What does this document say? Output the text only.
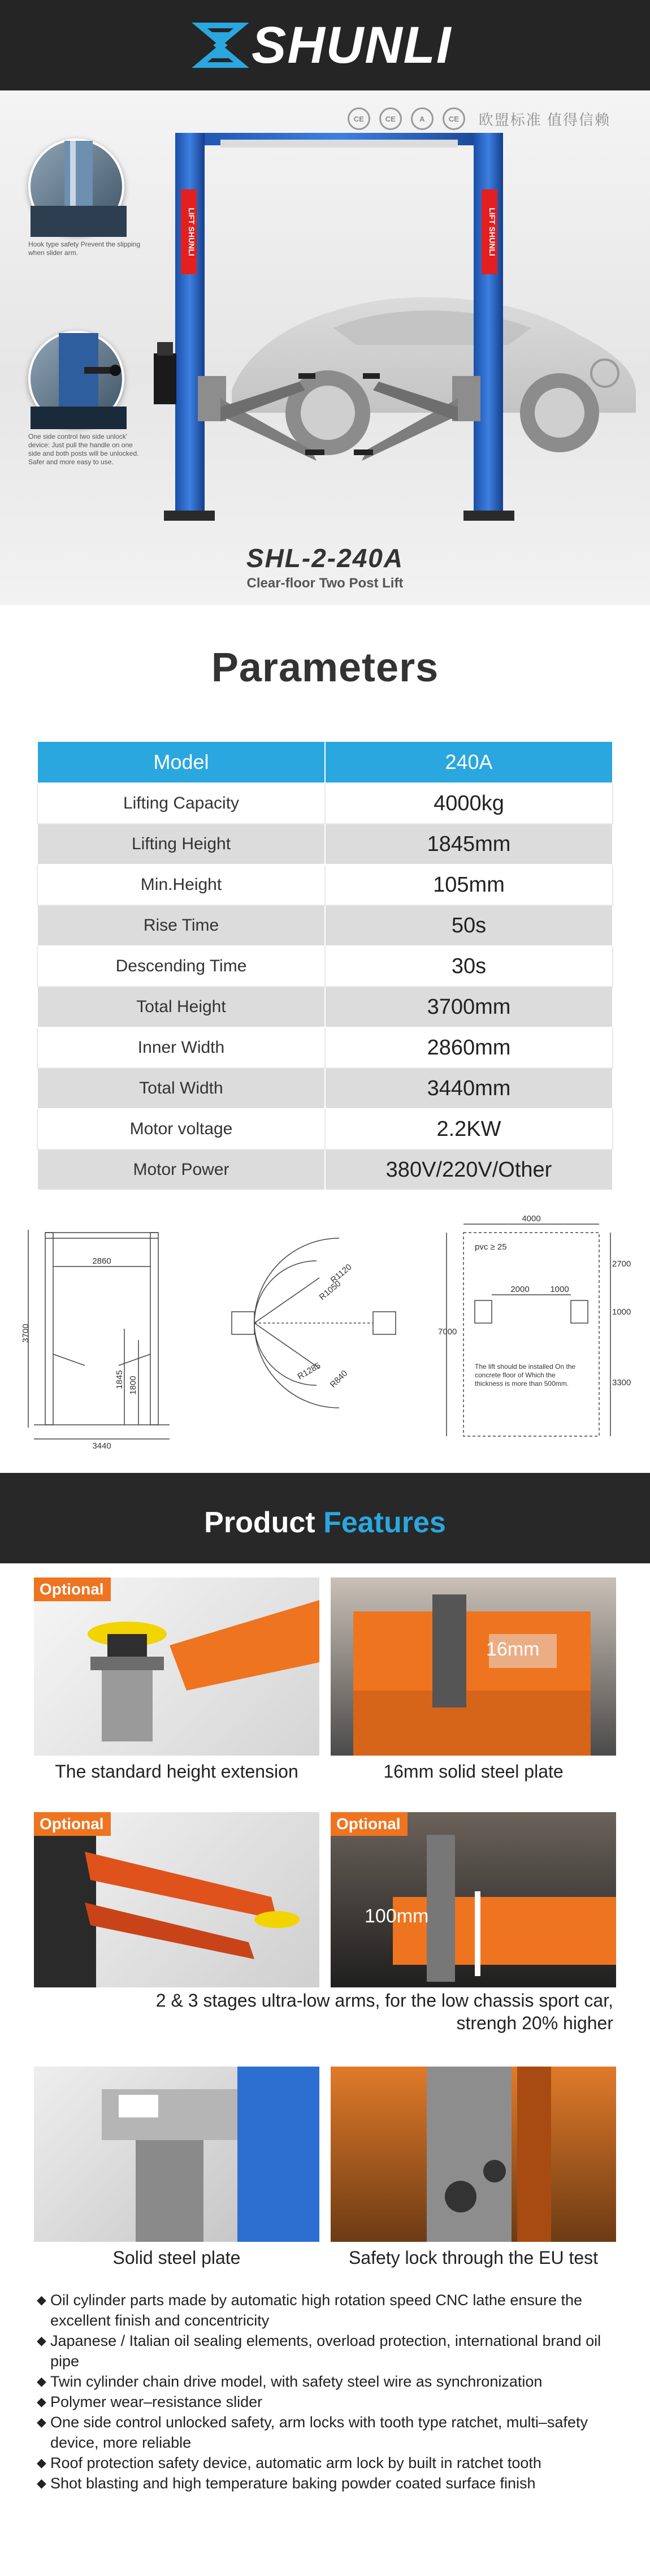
SHUNLI
CE	CE	A	CE	欧盟标准 值得信赖
LIFT SHUNLI	LIFT SHUNLI
Hook type safety Prevent the slipping when slider arm.
One side control two side unlock' device: Just pull the handle on one side and both posts will be unlocked. Safer and more easy to use.
SHL-2-240A
Clear-floor Two Post Lift
Parameters
Model	240A
Lifting Capacity	4000kg
Lifting Height	1845mm
Min.Height	105mm
Rise Time	50s
Descending Time	30s
Total Height	3700mm
Inner Width	2860mm
Total Width	3440mm
Motor voltage	2.2KW
Motor Power	380V/220V/Other
2860
3440
3700
1845 1800
R1120
R1050
R1285 R840
4000
pvc ≥ 25
2000 1000
7000
2700
1000
3300
The lift should be installed On the concrete floor of Which the thickness is more than 500mm.
Product Features
Optional
16mm
The standard height extension	16mm solid steel plate
Optional	Optional
100mm
2 & 3 stages ultra-low arms, for the low chassis sport car,
strengh 20% higher
Solid steel plate	Safety lock through the EU test
◆ Oil cylinder parts made by automatic high rotation speed CNC lathe ensure the excellent finish and concentricity
◆ Japanese / Italian oil sealing elements, overload protection, international brand oil pipe
◆ Twin cylinder chain drive model, with safety steel wire as synchronization
◆ Polymer wear–resistance slider
◆ One side control unlocked safety, arm locks with tooth type ratchet, multi–safety device, more reliable
◆ Roof protection safety device, automatic arm lock by built in ratchet tooth
◆ Shot blasting and high temperature baking powder coated surface finish
